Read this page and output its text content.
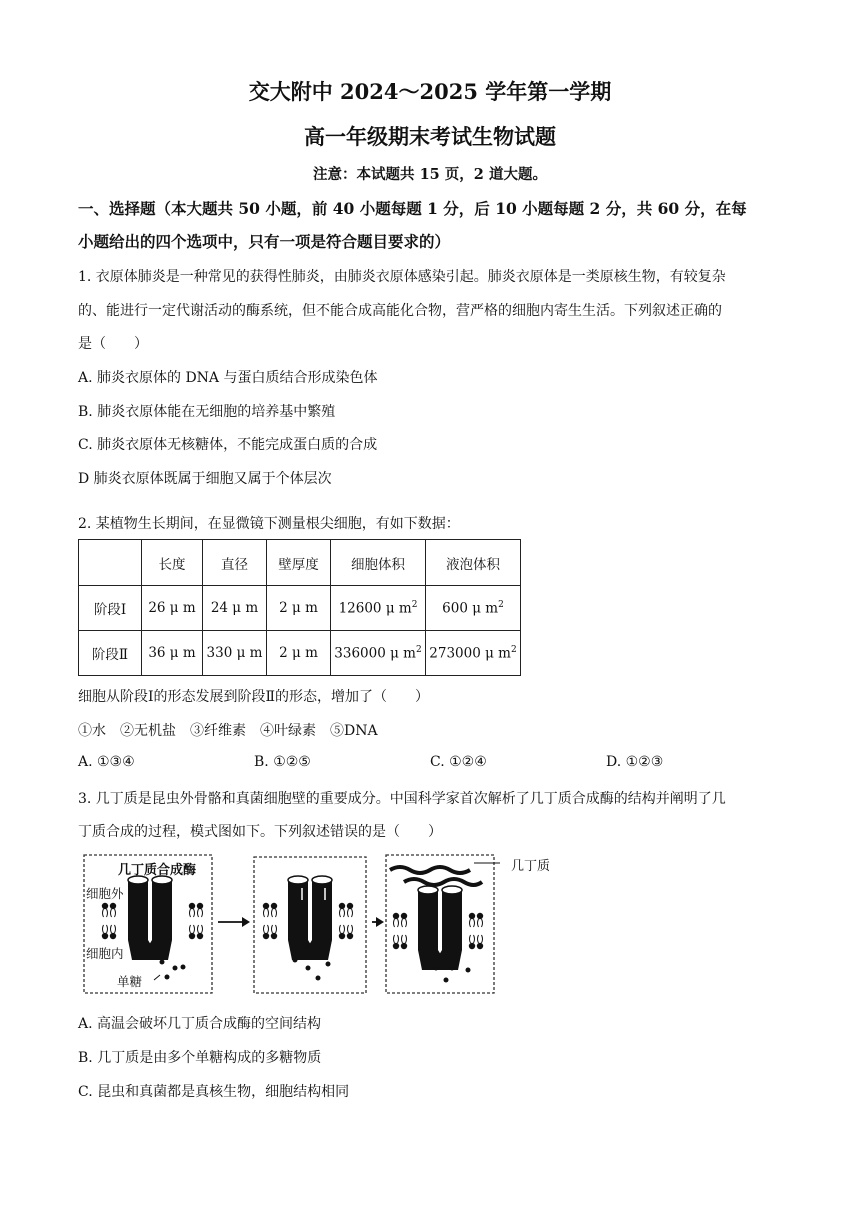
交大附中 2024～2025 学年第一学期
高一年级期末考试生物试题
注意：本试题共 15 页，2 道大题。
一、选择题（本大题共 50 小题，前 40 小题每题 1 分，后 10 小题每题 2 分，共 60 分，在每
小题给出的四个选项中，只有一项是符合题目要求的）
1. 衣原体肺炎是一种常见的获得性肺炎，由肺炎衣原体感染引起。肺炎衣原体是一类原核生物，有较复杂
的、能进行一定代谢活动的酶系统，但不能合成高能化合物，营严格的细胞内寄生生活。下列叙述正确的
是（　　）
A. 肺炎衣原体的 DNA 与蛋白质结合形成染色体
B. 肺炎衣原体能在无细胞的培养基中繁殖
C. 肺炎衣原体无核糖体，不能完成蛋白质的合成
D 肺炎衣原体既属于细胞又属于个体层次
2. 某植物生长期间，在显微镜下测量根尖细胞，有如下数据：
	长度	直径	壁厚度	细胞体积	液泡体积
阶段Ⅰ	26 μ m	24 μ m	2 μ m	12600 μ $m^2$	600 μ $m^2$
阶段Ⅱ	36 μ m	330 μ m	2 μ m	336000 μ $m^2$	273000 μ $m^2$
细胞从阶段Ⅰ的形态发展到阶段Ⅱ的形态，增加了（　　）
①水　②无机盐　③纤维素　④叶绿素　⑤DNA
A. ①③④	B. ①②⑤	C. ①②④	D. ①②③
3. 几丁质是昆虫外骨骼和真菌细胞壁的重要成分。中国科学家首次解析了几丁质合成酶的结构并阐明了几
丁质合成的过程，模式图如下。下列叙述错误的是（　　）
几丁质合成酶
细胞外
细胞内
单糖
几丁质
A. 高温会破坏几丁质合成酶的空间结构
B. 几丁质是由多个单糖构成的多糖物质
C. 昆虫和真菌都是真核生物，细胞结构相同
